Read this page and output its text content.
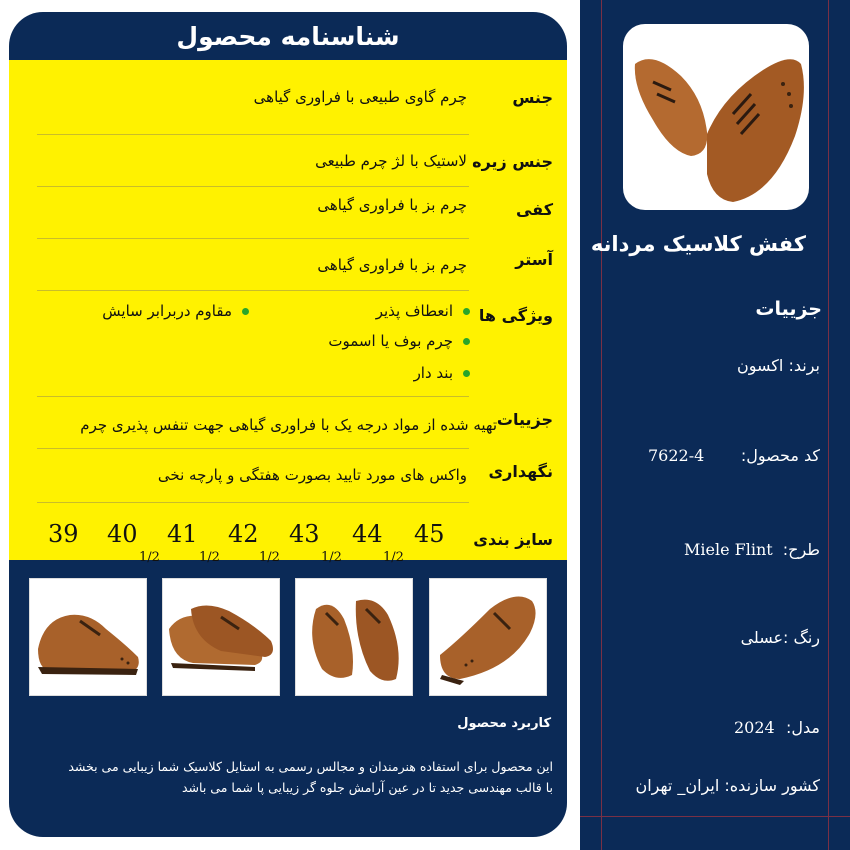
شناسنامه محصول
جنس
چرم گاوی طبیعی با فراوری گیاهی
جنس زیره
لاستیک با لژ چرم طبیعی
کفی
چرم بز با فراوری گیاهی
آستر
چرم بز با فراوری گیاهی
ویژگی ها
انعطاف پذیر
چرم بوف یا اسموت
بند دار
مقاوم دربرابر سایش
جزییات
تهیه شده از مواد درجه یک با فراوری گیاهی جهت تنفس پذیری چرم
نگهداری
واکس های مورد تایید بصورت هفتگی و پارچه نخی
سایز بندی
39 40
1/2
41
1/2
42
1/2
43
1/2
44
1/2
45
کاربرد محصول
این محصول برای استفاده هنرمندان و مجالس رسمی به استایل کلاسیک شما زیبایی می بخشد
با قالب مهندسی جدید تا در عین آرامش جلوه گر زیبایی پا شما می باشد
کفش کلاسیک مردانه
جزییات
برند: اکسون
کد محصول:
7622-4
طرح:
Miele Flint
رنگ :عسلی
مدل:
2024
کشور سازنده: ایران_ تهران
